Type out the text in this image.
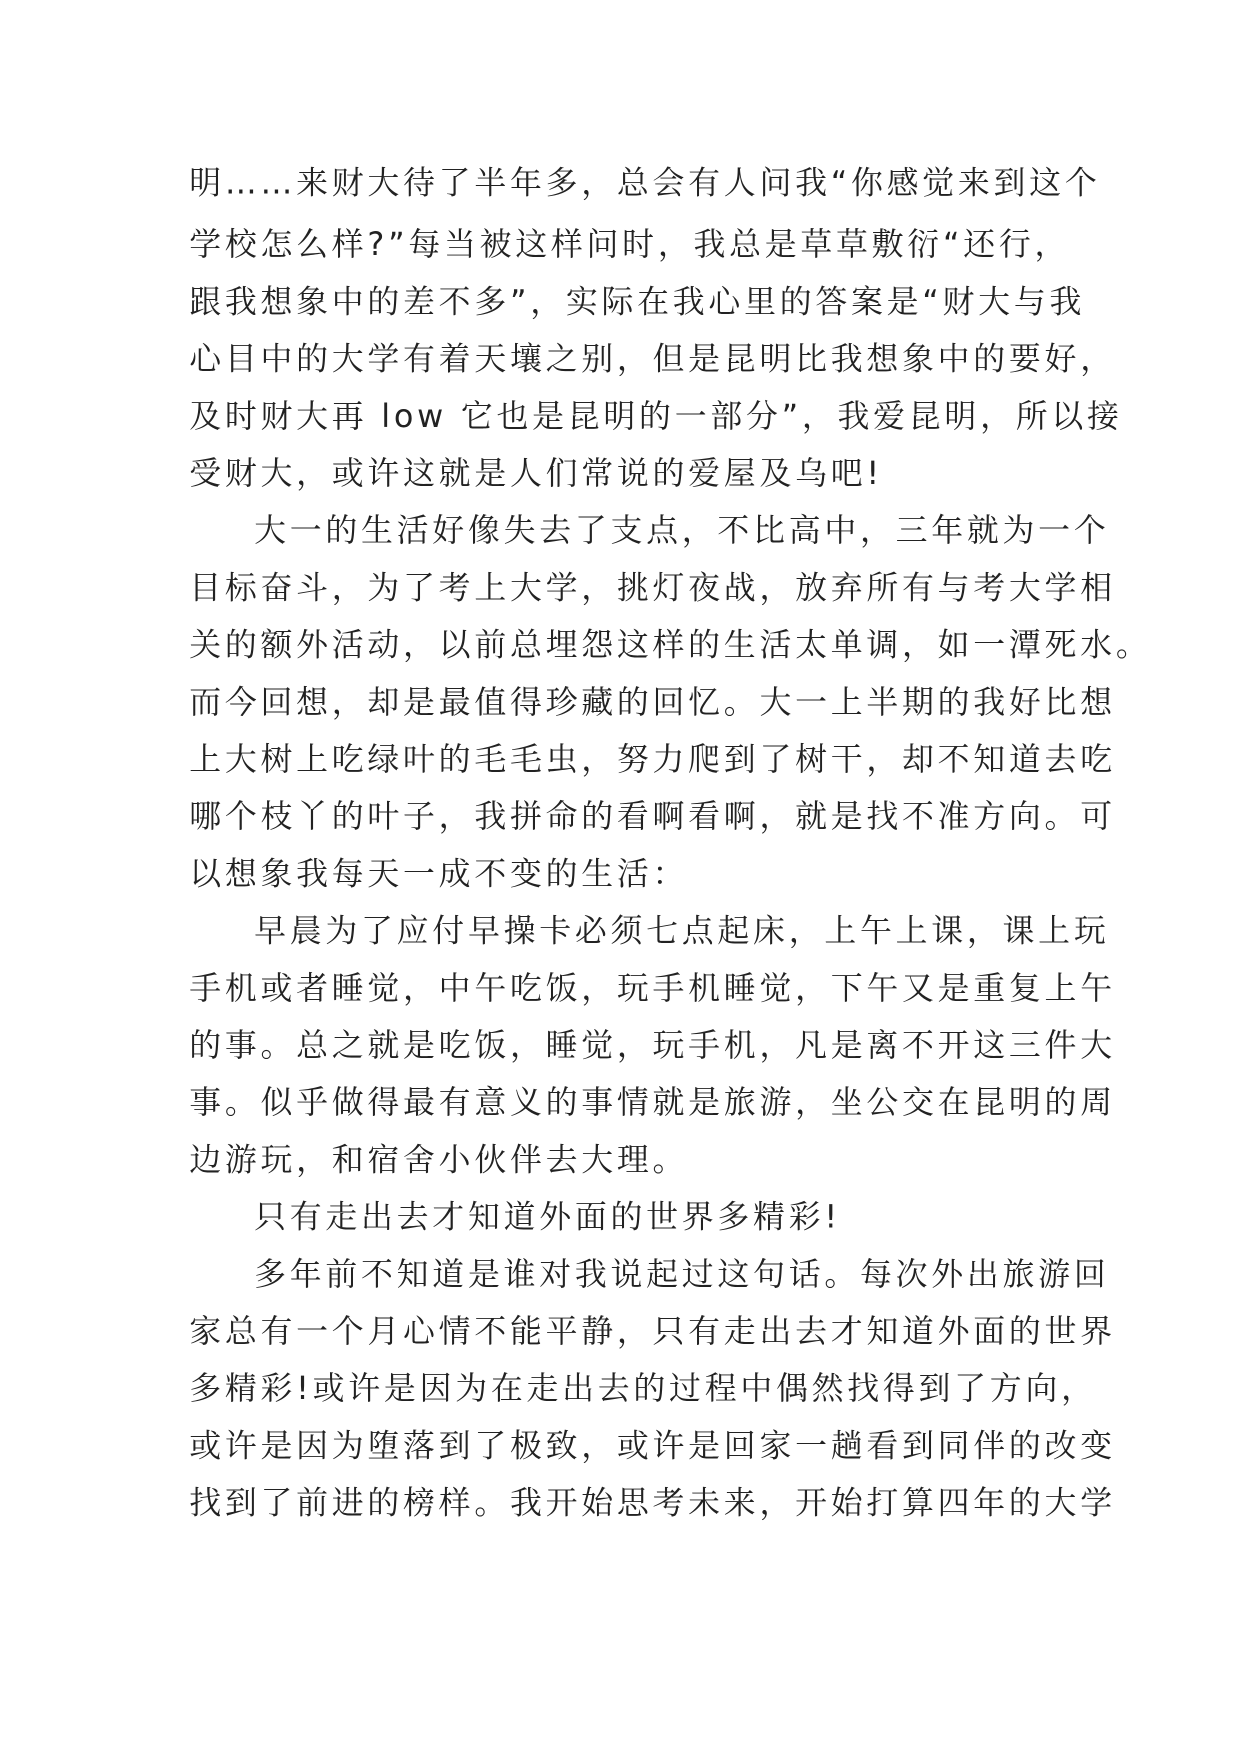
明……来财大待了半年多，总会有人问我“你感觉来到这个
学校怎么样?”每当被这样问时，我总是草草敷衍“还行，
跟我想象中的差不多”，实际在我心里的答案是“财大与我
心目中的大学有着天壤之别，但是昆明比我想象中的要好，
及时财大再 low 它也是昆明的一部分”，我爱昆明，所以接
受财大，或许这就是人们常说的爱屋及乌吧!
大一的生活好像失去了支点，不比高中，三年就为一个
目标奋斗，为了考上大学，挑灯夜战，放弃所有与考大学相
关的额外活动，以前总埋怨这样的生活太单调，如一潭死水。
而今回想，却是最值得珍藏的回忆。大一上半期的我好比想
上大树上吃绿叶的毛毛虫，努力爬到了树干，却不知道去吃
哪个枝丫的叶子，我拼命的看啊看啊，就是找不准方向。可
以想象我每天一成不变的生活：
早晨为了应付早操卡必须七点起床，上午上课，课上玩
手机或者睡觉，中午吃饭，玩手机睡觉，下午又是重复上午
的事。总之就是吃饭，睡觉，玩手机，凡是离不开这三件大
事。似乎做得最有意义的事情就是旅游，坐公交在昆明的周
边游玩，和宿舍小伙伴去大理。
只有走出去才知道外面的世界多精彩!
多年前不知道是谁对我说起过这句话。每次外出旅游回
家总有一个月心情不能平静，只有走出去才知道外面的世界
多精彩!或许是因为在走出去的过程中偶然找得到了方向，
或许是因为堕落到了极致，或许是回家一趟看到同伴的改变
找到了前进的榜样。我开始思考未来，开始打算四年的大学
